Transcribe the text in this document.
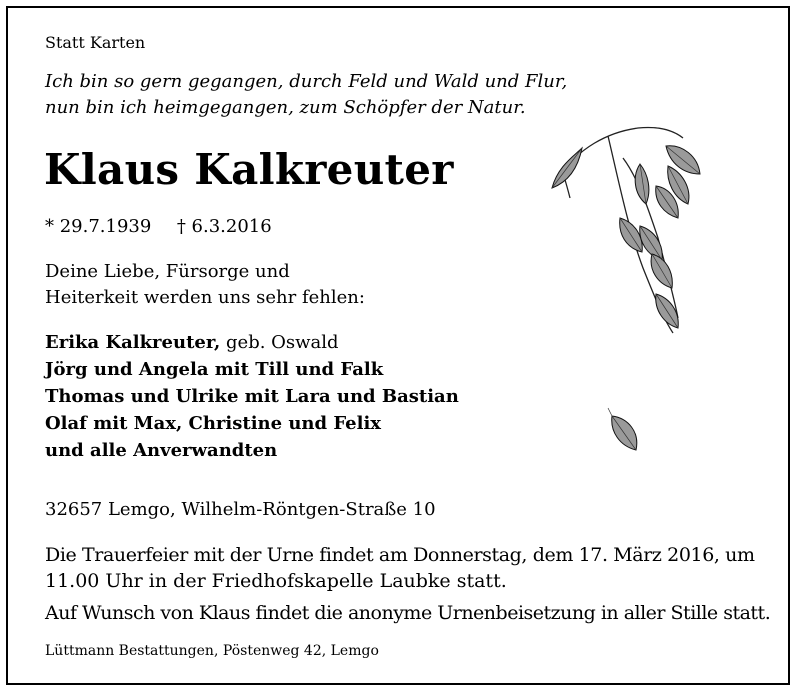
Statt Karten
Ich bin so gern gegangen, durch Feld und Wald und Flur,
nun bin ich heimgegangen, zum Schöpfer der Natur.
Klaus Kalkreuter
* 29.7.1939 † 6.3.2016
Deine Liebe, Fürsorge und
Heiterkeit werden uns sehr fehlen:
Erika Kalkreuter, geb. Oswald
Jörg und Angela mit Till und Falk
Thomas und Ulrike mit Lara und Bastian
Olaf mit Max, Christine und Felix
und alle Anverwandten
32657 Lemgo, Wilhelm-Röntgen-Straße 10
Die Trauerfeier mit der Urne findet am Donnerstag, dem 17. März 2016, um
11.00 Uhr in der Friedhofskapelle Laubke statt.
Auf Wunsch von Klaus findet die anonyme Urnenbeisetzung in aller Stille statt.
Lüttmann Bestattungen, Pöstenweg 42, Lemgo
